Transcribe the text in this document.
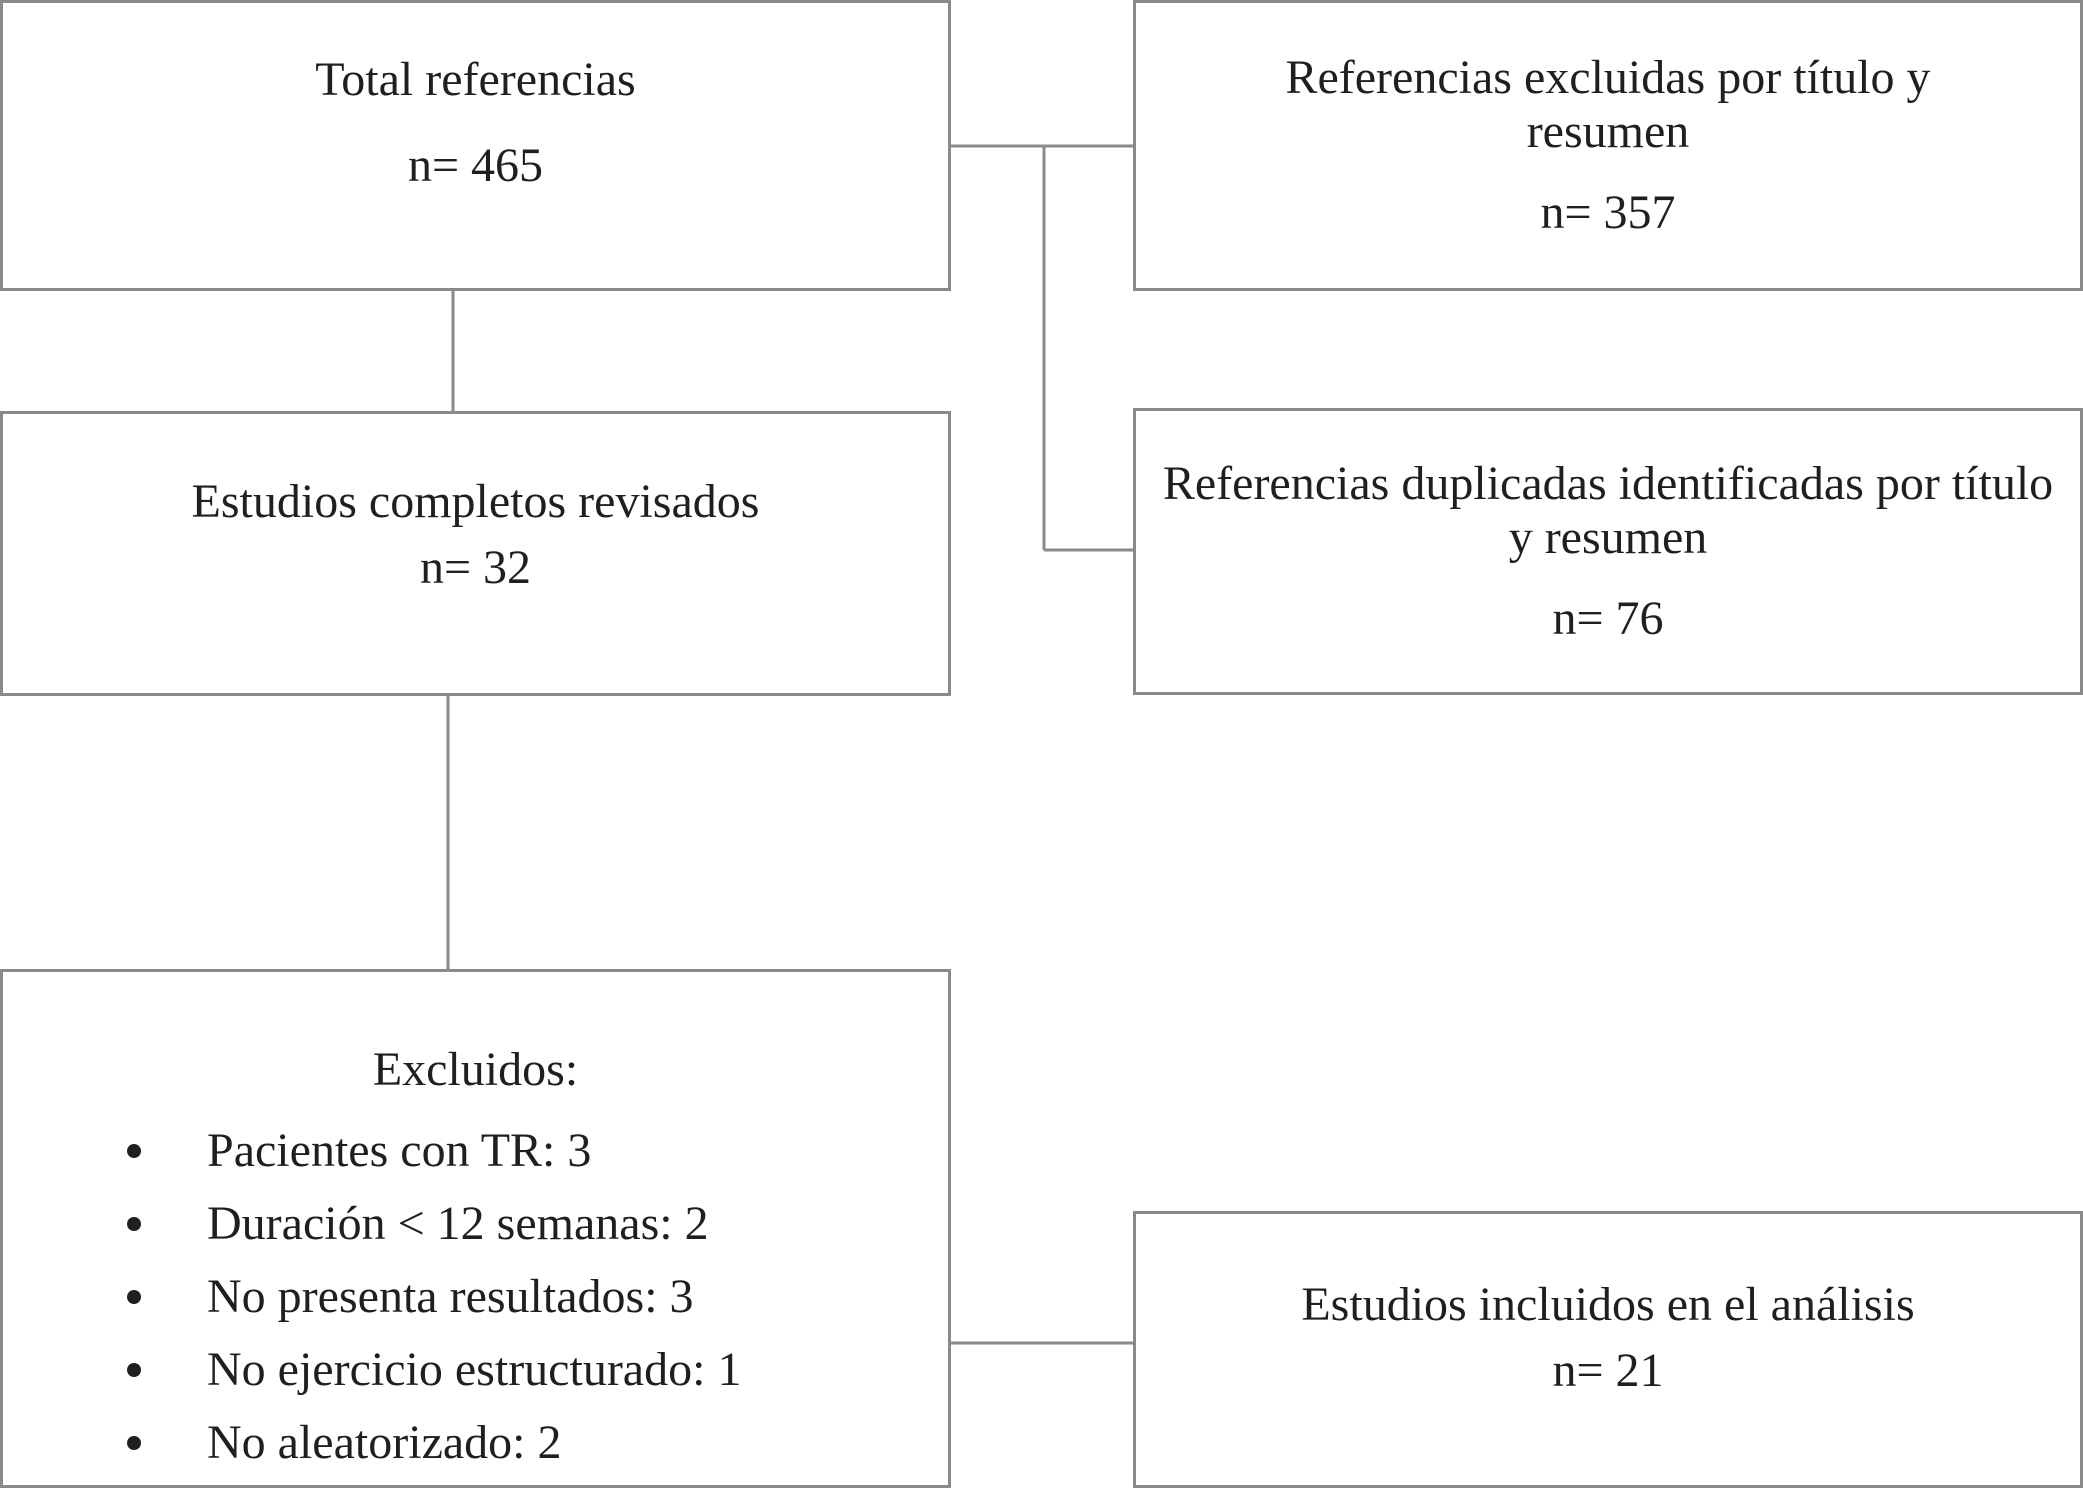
Total referencias
n= 465
Referencias excluidas por título y resumen
n= 357
Estudios completos revisados
n= 32
Referencias duplicadas identificadas por título y resumen
n= 76
Excluidos:
Pacientes con TR: 3
Duración < 12 semanas: 2
No presenta resultados: 3
No ejercicio estructurado: 1
No aleatorizado: 2
Estudios incluidos en el análisis
n= 21
